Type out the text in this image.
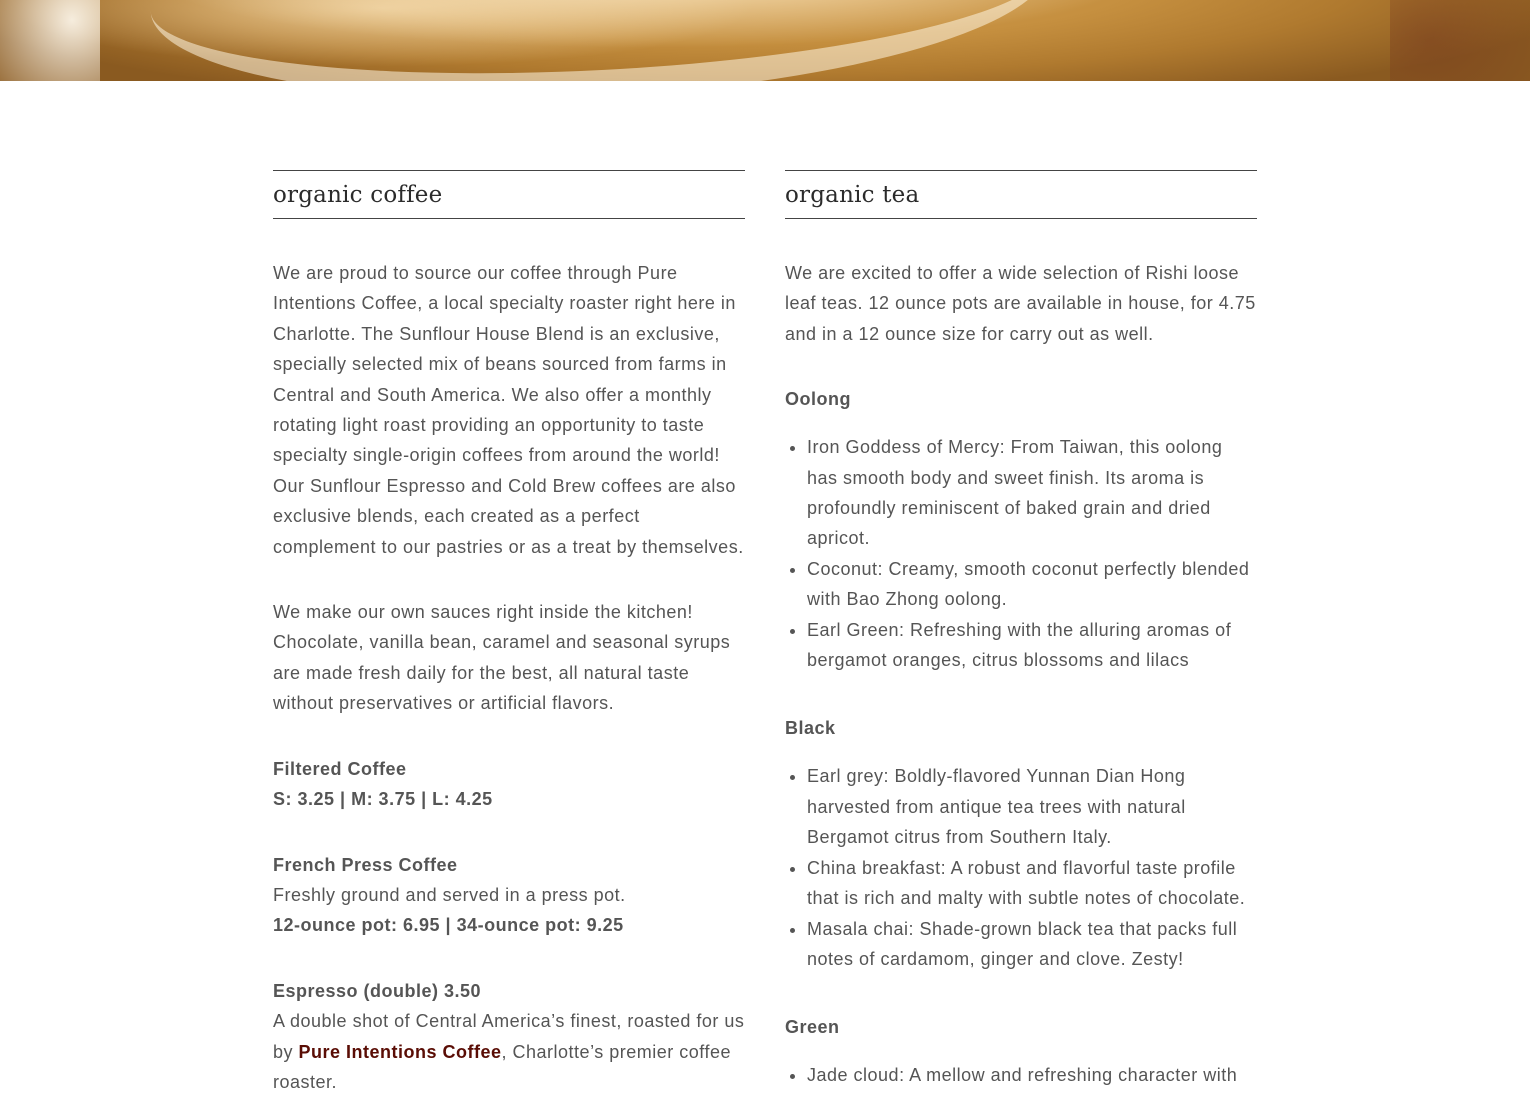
organic coffee

We are proud to source our coffee through Pure Intentions Coffee, a local specialty roaster right here in Charlotte. The Sunflour House Blend is an exclusive, specially selected mix of beans sourced from farms in Central and South America. We also offer a monthly rotating light roast providing an opportunity to taste specialty single-origin coffees from around the world! Our Sunflour Espresso and Cold Brew coffees are also exclusive blends, each created as a perfect complement to our pastries or as a treat by themselves.

We make our own sauces right inside the kitchen! Chocolate, vanilla bean, caramel and seasonal syrups are made fresh daily for the best, all natural taste without preservatives or artificial flavors.

Filtered Coffee

S: 3.25 | M: 3.75 | L: 4.25

French Press Coffee

Freshly ground and served in a press pot.

12-ounce pot: 6.95 | 34-ounce pot: 9.25

Espresso (double) 3.50

A double shot of Central America’s finest, roasted for us by Pure Intentions Coffee, Charlotte’s premier coffee roaster.

organic tea

We are excited to offer a wide selection of Rishi loose leaf teas. 12 ounce pots are available in house, for 4.75 and in a 12 ounce size for carry out as well.

Oolong
• Iron Goddess of Mercy: From Taiwan, this oolong has smooth body and sweet finish. Its aroma is profoundly reminiscent of baked grain and dried apricot.
• Coconut: Creamy, smooth coconut perfectly blended with Bao Zhong oolong.
• Earl Green: Refreshing with the alluring aromas of bergamot oranges, citrus blossoms and lilacs
Black
• Earl grey: Boldly-flavored Yunnan Dian Hong harvested from antique tea trees with natural Bergamot citrus from Southern Italy.
• China breakfast: A robust and flavorful taste profile that is rich and malty with subtle notes of chocolate.
• Masala chai: Shade-grown black tea that packs full notes of cardamom, ginger and clove. Zesty!
Green
• Jade cloud: A mellow and refreshing character with
